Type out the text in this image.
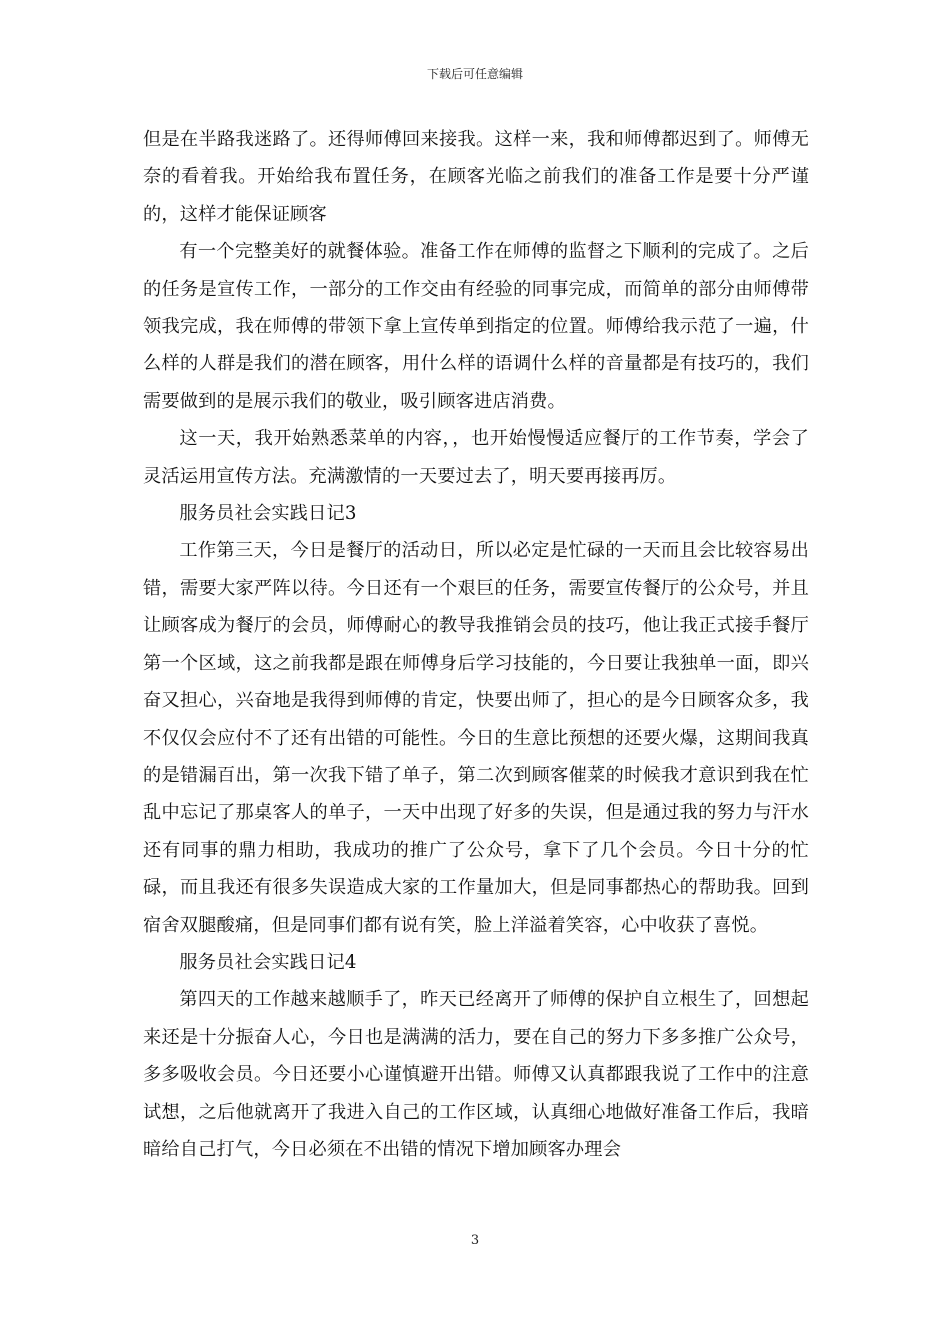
下载后可任意编辑

但是在半路我迷路了。还得师傅回来接我。这样一来，我和师傅都迟到了。师傅无奈的看着我。开始给我布置任务，在顾客光临之前我们的准备工作是要十分严谨的，这样才能保证顾客

有一个完整美好的就餐体验。准备工作在师傅的监督之下顺利的完成了。之后的任务是宣传工作，一部分的工作交由有经验的同事完成，而简单的部分由师傅带领我完成，我在师傅的带领下拿上宣传单到指定的位置。师傅给我示范了一遍，什么样的人群是我们的潜在顾客，用什么样的语调什么样的音量都是有技巧的，我们需要做到的是展示我们的敬业，吸引顾客进店消费。

这一天，我开始熟悉菜单的内容，，也开始慢慢适应餐厅的工作节奏，学会了灵活运用宣传方法。充满激情的一天要过去了，明天要再接再厉。

服务员社会实践日记3

工作第三天，今日是餐厅的活动日，所以必定是忙碌的一天而且会比较容易出错，需要大家严阵以待。今日还有一个艰巨的任务，需要宣传餐厅的公众号，并且让顾客成为餐厅的会员，师傅耐心的教导我推销会员的技巧，他让我正式接手餐厅第一个区域，这之前我都是跟在师傅身后学习技能的，今日要让我独单一面，即兴奋又担心，兴奋地是我得到师傅的肯定，快要出师了，担心的是今日顾客众多，我不仅仅会应付不了还有出错的可能性。今日的生意比预想的还要火爆，这期间我真的是错漏百出，第一次我下错了单子，第二次到顾客催菜的时候我才意识到我在忙乱中忘记了那桌客人的单子，一天中出现了好多的失误，但是通过我的努力与汗水还有同事的鼎力相助，我成功的推广了公众号，拿下了几个会员。今日十分的忙碌，而且我还有很多失误造成大家的工作量加大，但是同事都热心的帮助我。回到宿舍双腿酸痛，但是同事们都有说有笑，脸上洋溢着笑容，心中收获了喜悦。

服务员社会实践日记4

第四天的工作越来越顺手了，昨天已经离开了师傅的保护自立根生了，回想起来还是十分振奋人心，今日也是满满的活力，要在自己的努力下多多推广公众号，多多吸收会员。今日还要小心谨慎避开出错。师傅又认真都跟我说了工作中的注意试想，之后他就离开了我进入自己的工作区域，认真细心地做好准备工作后，我暗暗给自己打气，今日必须在不出错的情况下增加顾客办理会

3
